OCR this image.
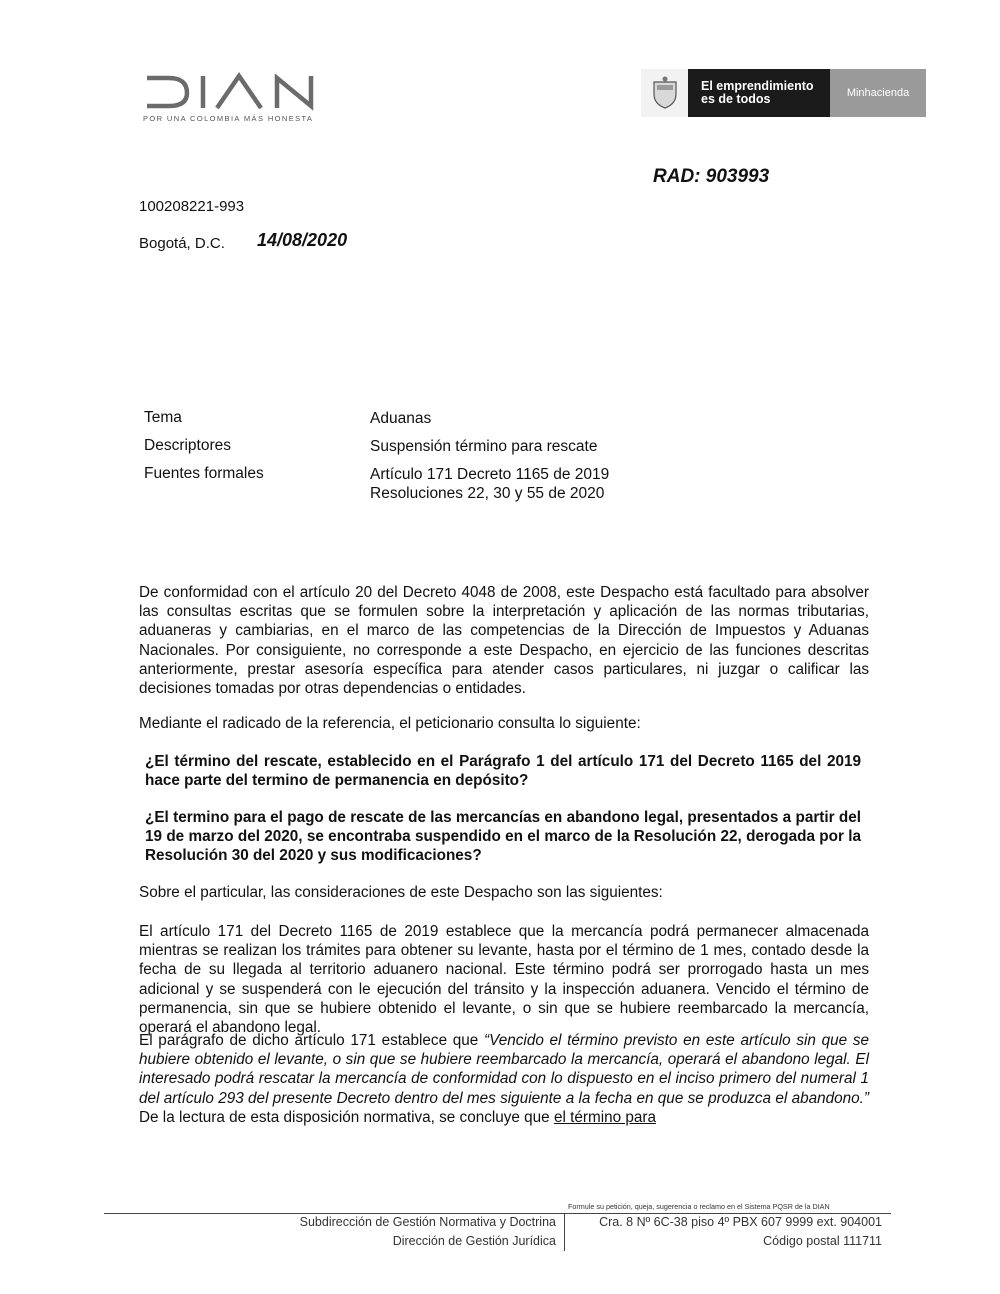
POR UNA COLOMBIA MÁS HONESTA
El emprendimiento
es de todos	Minhacienda
RAD: 903993
100208221-993
Bogotá, D.C. 14/08/2020
Tema	Aduanas
Descriptores	Suspensión término para rescate
Fuentes formales	Artículo 171 Decreto 1165 de 2019
Resoluciones 22, 30 y 55 de 2020
De conformidad con el artículo 20 del Decreto 4048 de 2008, este Despacho está facultado para absolver las consultas escritas que se formulen sobre la interpretación y aplicación de las normas tributarias, aduaneras y cambiarias, en el marco de las competencias de la Dirección de Impuestos y Aduanas Nacionales. Por consiguiente, no corresponde a este Despacho, en ejercicio de las funciones descritas anteriormente, prestar asesoría específica para atender casos particulares, ni juzgar o calificar las decisiones tomadas por otras dependencias o entidades.
Mediante el radicado de la referencia, el peticionario consulta lo siguiente:
¿El término del rescate, establecido en el Parágrafo 1 del artículo 171 del Decreto 1165 del 2019 hace parte del termino de permanencia en depósito?
¿El termino para el pago de rescate de las mercancías en abandono legal, presentados a partir del 19 de marzo del 2020, se encontraba suspendido en el marco de la Resolución 22, derogada por la Resolución 30 del 2020 y sus modificaciones?
Sobre el particular, las consideraciones de este Despacho son las siguientes:
El artículo 171 del Decreto 1165 de 2019 establece que la mercancía podrá permanecer almacenada mientras se realizan los trámites para obtener su levante, hasta por el término de 1 mes, contado desde la fecha de su llegada al territorio aduanero nacional. Este término podrá ser prorrogado hasta un mes adicional y se suspenderá con le ejecución del tránsito y la inspección aduanera. Vencido el término de permanencia, sin que se hubiere obtenido el levante, o sin que se hubiere reembarcado la mercancía, operará el abandono legal.
El parágrafo de dicho artículo 171 establece que “Vencido el término previsto en este artículo sin que se hubiere obtenido el levante, o sin que se hubiere reembarcado la mercancía, operará el abandono legal. El interesado podrá rescatar la mercancía de conformidad con lo dispuesto en el inciso primero del numeral 1 del artículo 293 del presente Decreto dentro del mes siguiente a la fecha en que se produzca el abandono.” De la lectura de esta disposición normativa, se concluye que el término para
Formule su petición, queja, sugerencia o reclamo en el Sistema PQSR de la DIAN
Subdirección de Gestión Normativa y Doctrina
Dirección de Gestión Jurídica
Cra. 8 Nº 6C-38 piso 4º PBX 607 9999 ext. 904001
Código postal 111711
